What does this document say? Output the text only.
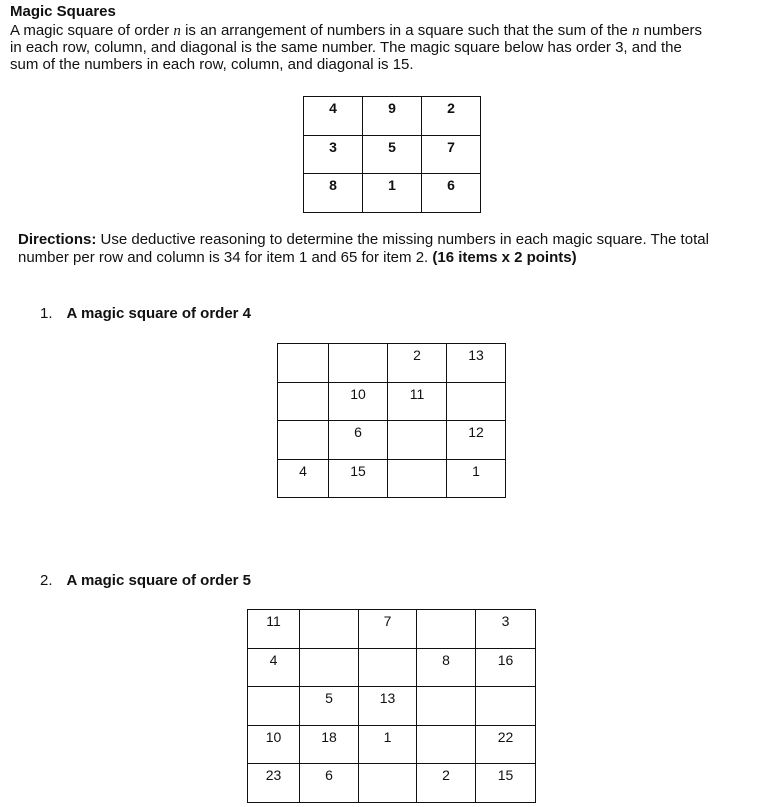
Magic Squares
A magic square of order n is an arrangement of numbers in a square such that the sum of the n numbers
in each row, column, and diagonal is the same number. The magic square below has order 3, and the
sum of the numbers in each row, column, and diagonal is 15.
4	9	2
3	5	7
8	1	6
Directions: Use deductive reasoning to determine the missing numbers in each magic square. The total
number per row and column is 34 for item 1 and 65 for item 2. (16 items x 2 points)
1. A magic square of order 4
		2	13
	10	11	
	6		12
4	15		1
2. A magic square of order 5
11		7		3
4			8	16
	5	13		
10	18	1		22
23	6		2	15
